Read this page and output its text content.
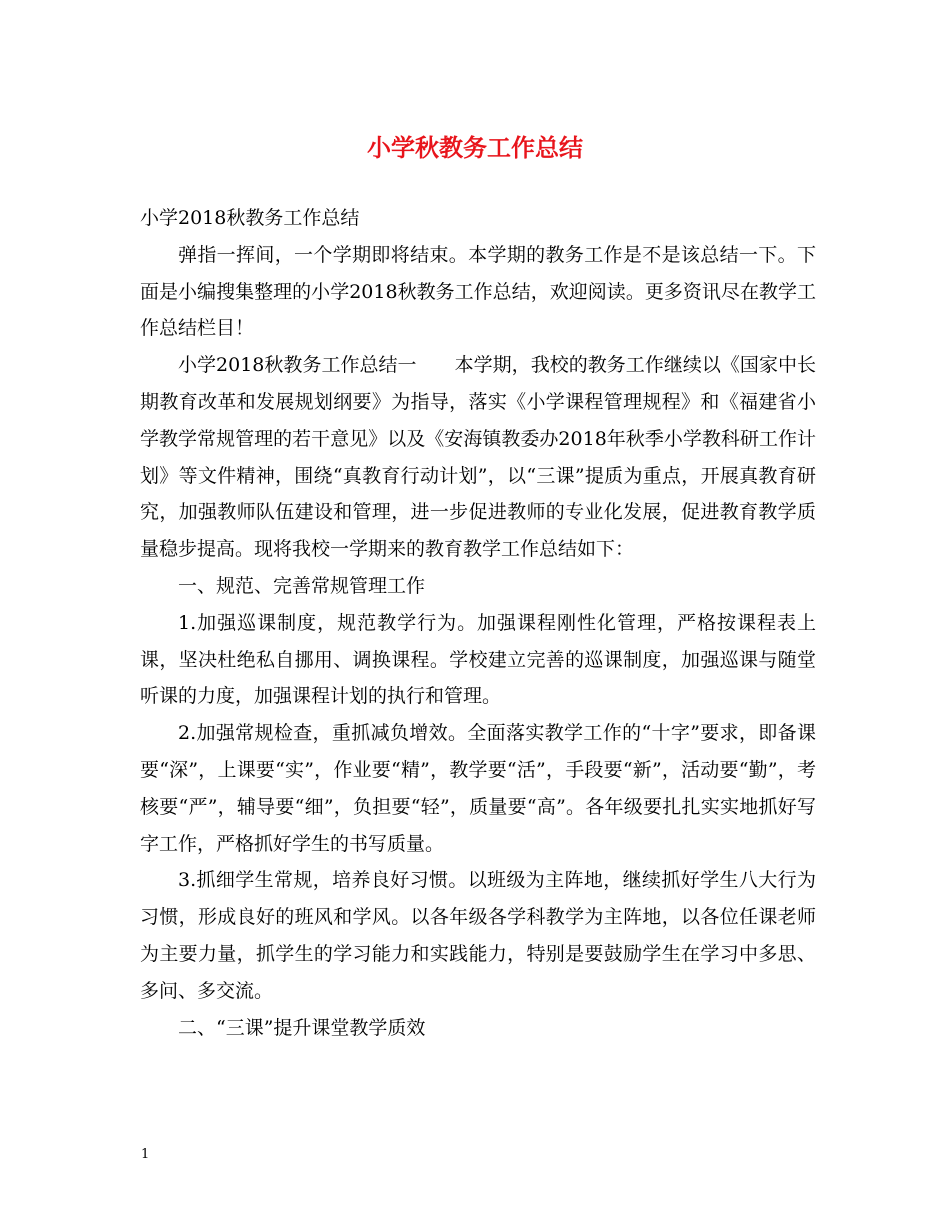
小学秋教务工作总结

小学2018秋教务工作总结

弹指一挥间，一个学期即将结束。本学期的教务工作是不是该总结一下。下面是小编搜集整理的小学2018秋教务工作总结，欢迎阅读。更多资讯尽在教学工作总结栏目！

小学2018秋教务工作总结一　　本学期，我校的教务工作继续以《国家中长期教育改革和发展规划纲要》为指导，落实《小学课程管理规程》和《福建省小学教学常规管理的若干意见》以及《安海镇教委办2018年秋季小学教科研工作计划》等文件精神，围绕“真教育行动计划”，以“三课”提质为重点，开展真教育研究，加强教师队伍建设和管理，进一步促进教师的专业化发展，促进教育教学质量稳步提高。现将我校一学期来的教育教学工作总结如下：

一、规范、完善常规管理工作

1.加强巡课制度，规范教学行为。加强课程刚性化管理，严格按课程表上课，坚决杜绝私自挪用、调换课程。学校建立完善的巡课制度，加强巡课与随堂听课的力度，加强课程计划的执行和管理。

2.加强常规检查，重抓减负增效。全面落实教学工作的“十字”要求，即备课要“深”，上课要“实”，作业要“精”，教学要“活”，手段要“新”，活动要“勤”，考核要“严”，辅导要“细”，负担要“轻”，质量要“高”。各年级要扎扎实实地抓好写字工作，严格抓好学生的书写质量。

3.抓细学生常规，培养良好习惯。以班级为主阵地，继续抓好学生八大行为习惯，形成良好的班风和学风。以各年级各学科教学为主阵地，以各位任课老师为主要力量，抓学生的学习能力和实践能力，特别是要鼓励学生在学习中多思、多问、多交流。

二、“三课”提升课堂教学质效

1
